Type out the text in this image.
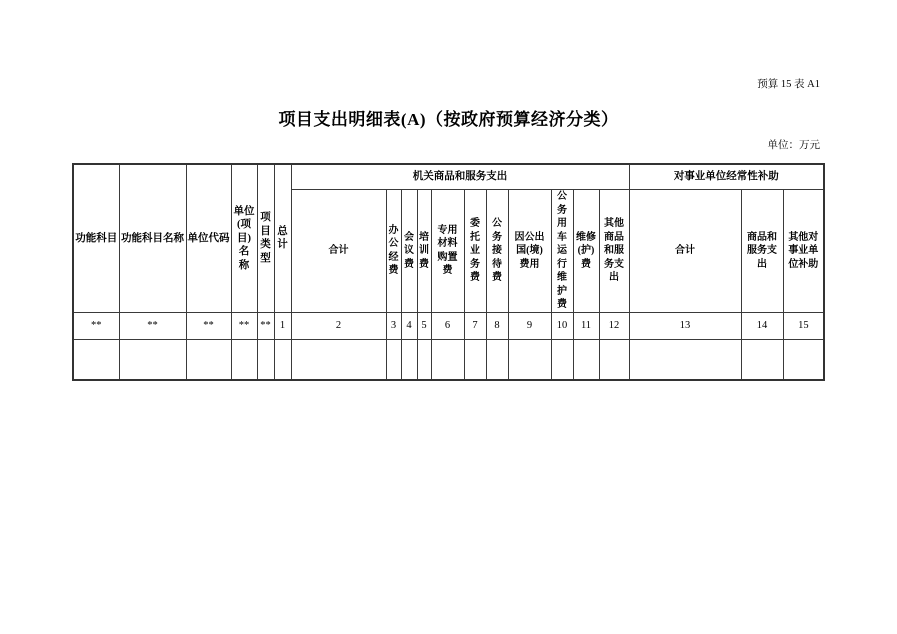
预算 15 表 A1
项目支出明细表(A)（按政府预算经济分类）
单位：万元
功能科目	功能科目名称	单位代码	单位
(项
目)名
称	项
目
类
型	总
计	机关商品和服务支出											对事业单位经常性补助		
						合计	办
公
经
费	会
议
费	培
训
费	专用
材料
购置
费	委
托
业
务
费	公
务
接
待
费	因公出
国(境)
费用	公务
用车
运行
维护
费	维修
(护)
费	其他
商品
和服
务支
出	合计	商品和
服务支
出	其他对
事业单
位补助
**	**	**	**	**	1	2	3	4	5	6	7	8	9	10	11	12	13	14	15
